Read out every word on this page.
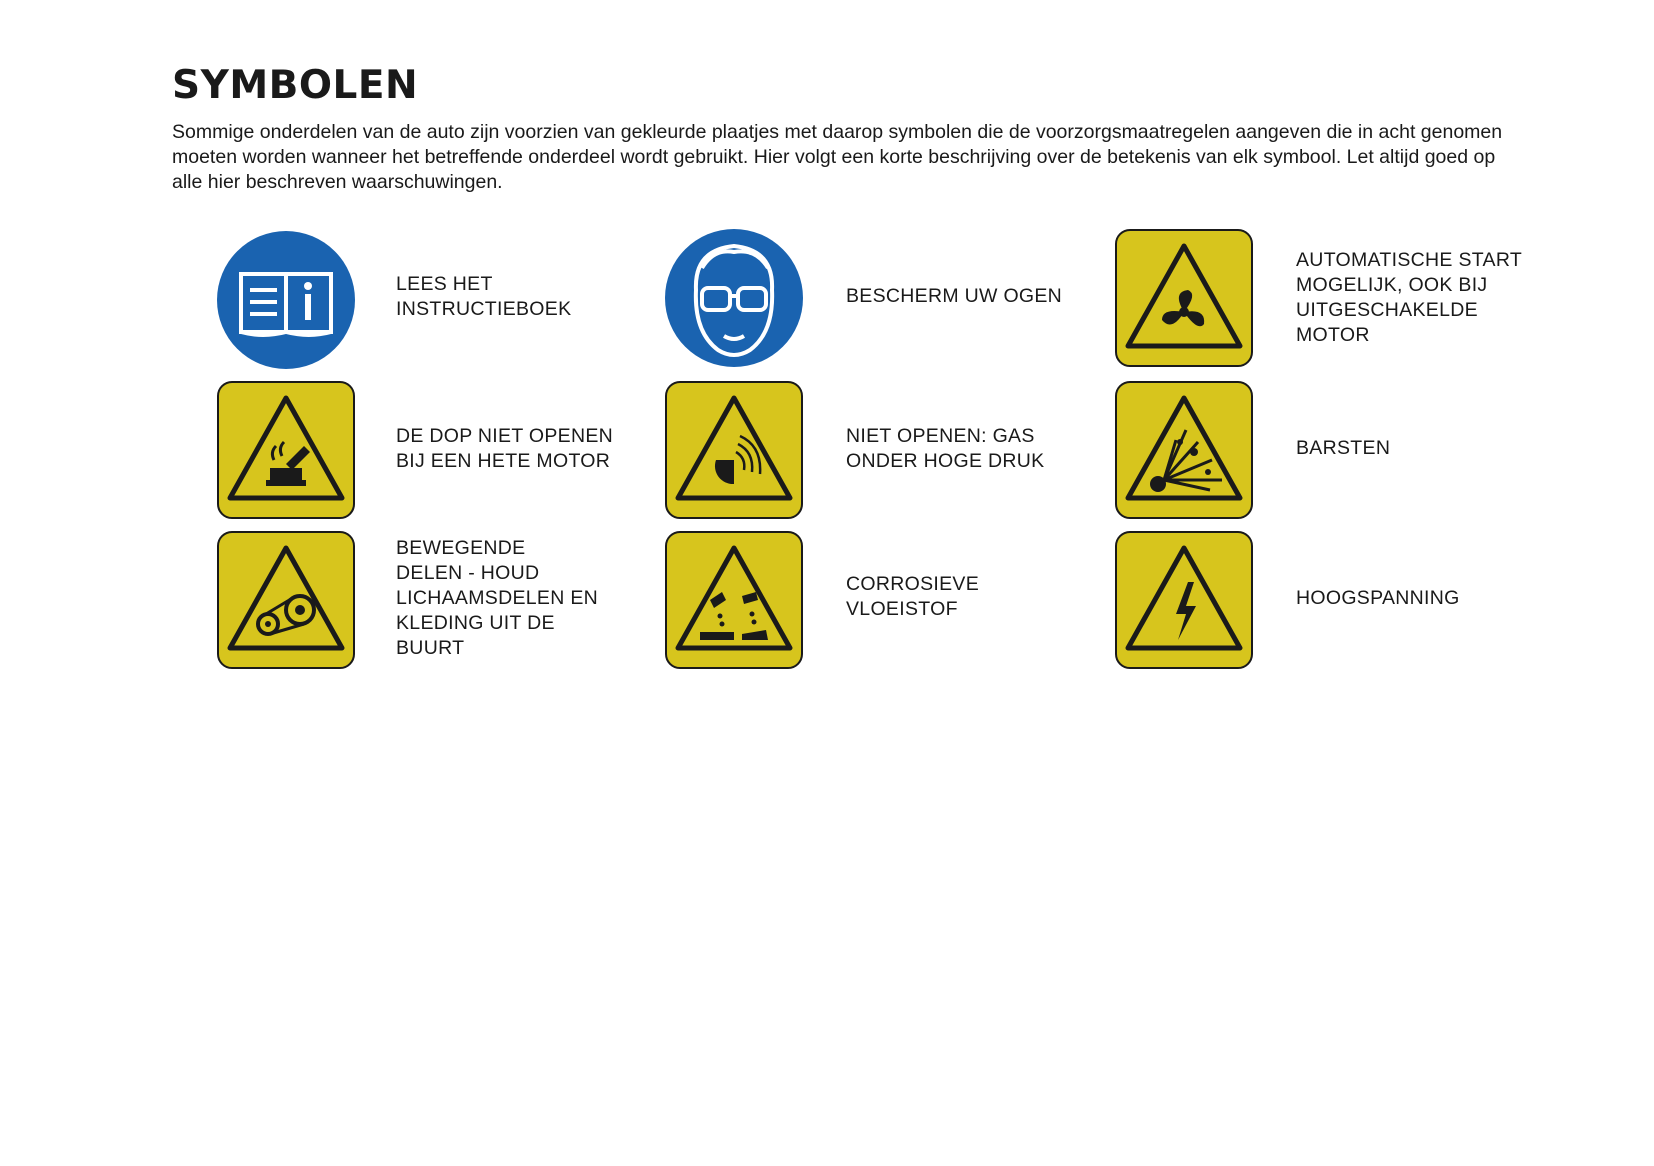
SYMBOLEN

Sommige onderdelen van de auto zijn voorzien van gekleurde plaatjes met daarop symbolen die de voorzorgsmaatregelen aangeven die in acht genomen moeten worden wanneer het betreffende onderdeel wordt gebruikt. Hier volgt een korte beschrijving over de betekenis van elk symbool. Let altijd goed op alle hier beschreven waarschuwingen.

LEES HET
INSTRUCTIEBOEK
BESCHERM UW OGEN
AUTOMATISCHE START
MOGELIJK, OOK BIJ
UITGESCHAKELDE
MOTOR
DE DOP NIET OPENEN
BIJ EEN HETE MOTOR
NIET OPENEN: GAS
ONDER HOGE DRUK
BARSTEN
BEWEGENDE
DELEN - HOUD
LICHAAMSDELEN EN
KLEDING UIT DE
BUURT
CORROSIEVE
VLOEISTOF	HOOGSPANNING
